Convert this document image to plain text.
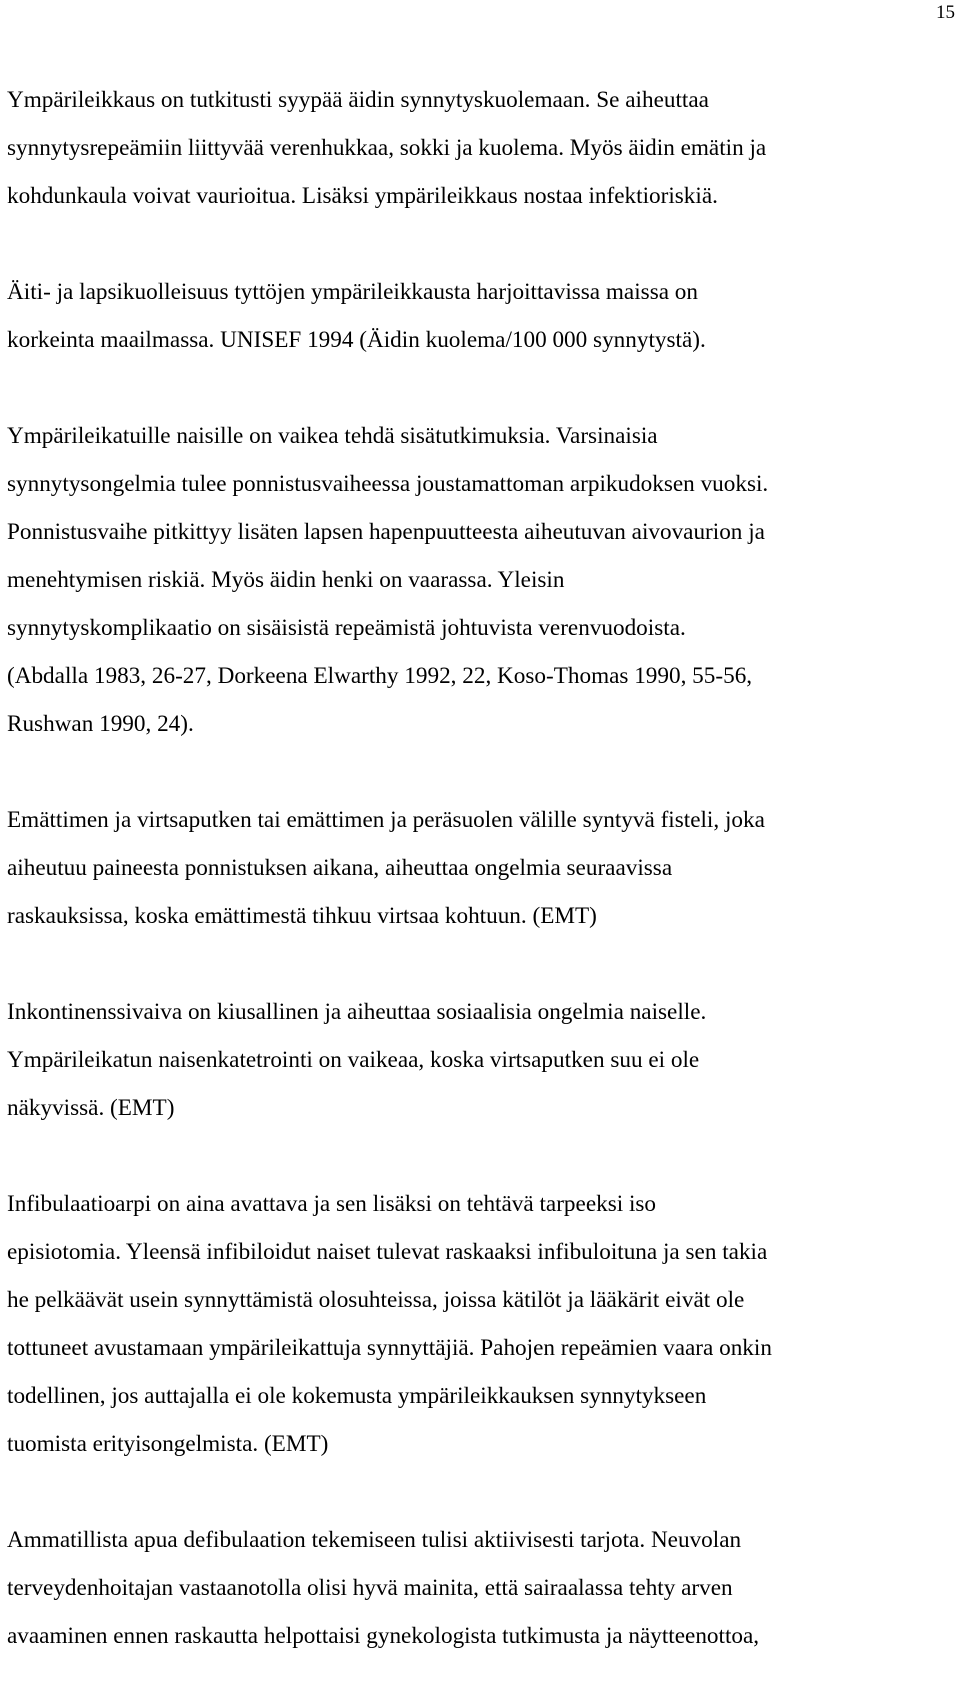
15

Ympärileikkaus on tutkitusti syypää äidin synnytyskuolemaan. Se aiheuttaa
synnytysrepeämiin liittyvää verenhukkaa, sokki ja kuolema. Myös äidin emätin ja
kohdunkaula voivat vaurioitua. Lisäksi ympärileikkaus nostaa infektioriskiä.

Äiti- ja lapsikuolleisuus tyttöjen ympärileikkausta harjoittavissa maissa on
korkeinta maailmassa. UNISEF 1994 (Äidin kuolema/100 000 synnytystä).

Ympärileikatuille naisille on vaikea tehdä sisätutkimuksia. Varsinaisia
synnytysongelmia tulee ponnistusvaiheessa joustamattoman arpikudoksen vuoksi.
Ponnistusvaihe pitkittyy lisäten lapsen hapenpuutteesta aiheutuvan aivovaurion ja
menehtymisen riskiä. Myös äidin henki on vaarassa. Yleisin
synnytyskomplikaatio on sisäisistä repeämistä johtuvista verenvuodoista.
(Abdalla 1983, 26-27, Dorkeena Elwarthy 1992, 22, Koso-Thomas 1990, 55-56,
Rushwan 1990, 24).

Emättimen ja virtsaputken tai emättimen ja peräsuolen välille syntyvä fisteli, joka
aiheutuu paineesta ponnistuksen aikana, aiheuttaa ongelmia seuraavissa
raskauksissa, koska emättimestä tihkuu virtsaa kohtuun. (EMT)

Inkontinenssivaiva on kiusallinen ja aiheuttaa sosiaalisia ongelmia naiselle.
Ympärileikatun naisenkatetrointi on vaikeaa, koska virtsaputken suu ei ole
näkyvissä. (EMT)

Infibulaatioarpi on aina avattava ja sen lisäksi on tehtävä tarpeeksi iso
episiotomia. Yleensä infibiloidut naiset tulevat raskaaksi infibuloituna ja sen takia
he pelkäävät usein synnyttämistä olosuhteissa, joissa kätilöt ja lääkärit eivät ole
tottuneet avustamaan ympärileikattuja synnyttäjiä. Pahojen repeämien vaara onkin
todellinen, jos auttajalla ei ole kokemusta ympärileikkauksen synnytykseen
tuomista erityisongelmista. (EMT)

Ammatillista apua defibulaation tekemiseen tulisi aktiivisesti tarjota. Neuvolan
terveydenhoitajan vastaanotolla olisi hyvä mainita, että sairaalassa tehty arven
avaaminen ennen raskautta helpottaisi gynekologista tutkimusta ja näytteenottoa,
